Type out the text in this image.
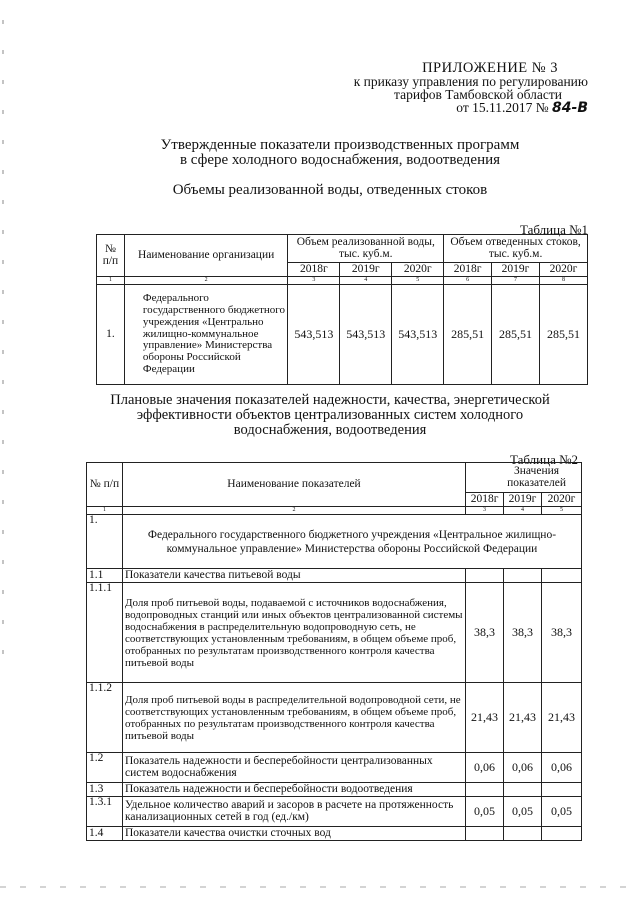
ПРИЛОЖЕНИЕ № 3
к приказу управления по регулированию
тарифов Тамбовской области
от 15.11.2017 № 84-В
Утвержденные показатели производственных программ
в сфере холодного водоснабжения, водоотведения
Объемы реализованной воды, отведенных стоков
Таблица №1
№ п/п	Наименование организации	Объем реализованной воды, тыс. куб.м.			Объем отведенных стоков, тыс. куб.м.		
		2018г	2019г	2020г	2018г	2019г	2020г
1	2	3	4	5	6	7	8
1.	Федерального государственного бюджетного учреждения «Центрально жилищно-коммунальное управление» Министерства обороны Российской Федерации	543,513	543,513	543,513	285,51	285,51	285,51
Плановые значения показателей надежности, качества, энергетической
эффективности объектов централизованных систем холодного
водоснабжения, водоотведения
Таблица №2
№ п/п	Наименование показателей	Значения показателей		
		2018г	2019г	2020г
1	2	3	4	5
1.	Федерального государственного бюджетного учреждения «Центральное жилищно-коммунальное управление» Министерства обороны Российской Федерации			
1.1	Показатели качества питьевой воды			
1.1.1	Доля проб питьевой воды, подаваемой с источников водоснабжения, водопроводных станций или иных объектов централизованной системы водоснабжения в распределительную водопроводную сеть, не соответствующих установленным требованиям, в общем объеме проб, отобранных по результатам производственного контроля качества питьевой воды	38,3	38,3	38,3
1.1.2	Доля проб питьевой воды в распределительной водопроводной сети, не соответствующих установленным требованиям, в общем объеме проб, отобранных по результатам производственного контроля качества питьевой воды	21,43	21,43	21,43
1.2	Показатель надежности и бесперебойности централизованных систем водоснабжения	0,06	0,06	0,06
1.3	Показатель надежности и бесперебойности водоотведения			
1.3.1	Удельное количество аварий и засоров в расчете на протяженность канализационных сетей в год (ед./км)	0,05	0,05	0,05
1.4	Показатели качества очистки сточных вод			
